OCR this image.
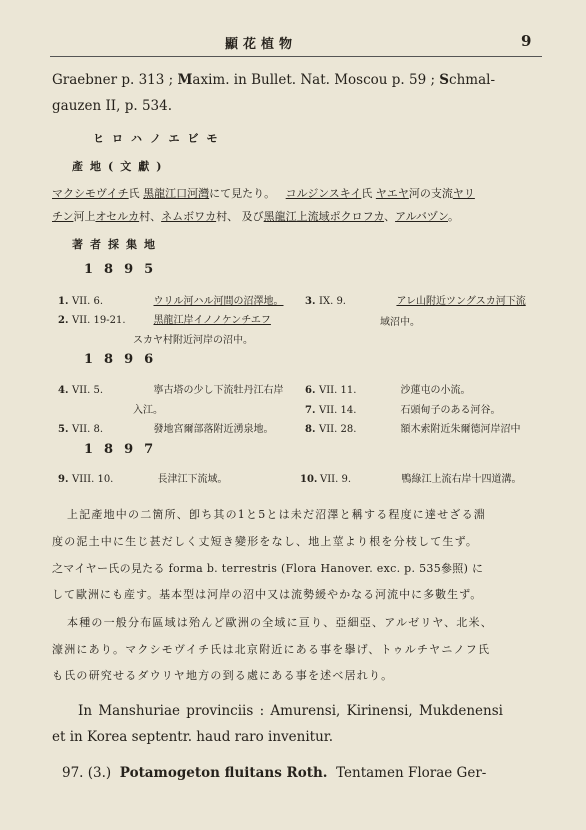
顯花植物	9
Graebner p. 313 ; Maxim. in Bullet. Nat. Moscou p. 59 ; Schmal-
gauzen II, p. 534.
ヒロハノエビモ
產地(文獻)
マクシモヴイチ氏 黑龍江口河灣にて見たり。 コルジンスキイ氏 ヤエヤ河の支流ヤリ
チン河上オセルカ村、ネムボワカ村、 及び黑龍江上流域ポクロフカ、アルバヅン。
著者採集地
1895
1. VII. 6.	ウリル河ハル河間の沼澤地。 3. IX. 9.	アレ山附近ツングスカ河下流
域沼中。
2. VII. 19-21.	黑龍江岸イノノケンチエフ
スカヤ村附近河岸の沼中。
1896
4. VII. 5.	寧古塔の少し下流牡丹江右岸
入江。
6. VII. 11.	沙蓮屯の小流。
7. VII. 14.	石頭甸子のある河谷。
5. VII. 8.	發地宮爾部落附近湧泉地。	8. VII. 28.	額木索附近朱爾德河岸沼中
1897
9. VIII. 10.	長津江下流域。	10. VII. 9.	鴨綠江上流右岸十四道溝。
上記產地中の二箇所、卽ち其の1と5とは未だ沼澤と稱する程度に達せざる淵
度の泥土中に生じ甚だしく丈短き變形をなし、地上莖より根を分枝して生ず。
之マイヤー氏の見たる forma b. terrestris (Flora Hanover. exc. p. 535參照) に
して歐洲にも産す。基本型は河岸の沼中又は流勢緩やかなる河流中に多數生ず。
本種の一般分布區域は殆んど歐洲の全域に亘り、亞細亞、アルゼリヤ、北米、
濠洲にあり。マクシモヴイチ氏は北京附近にある事を擧げ、トゥルチヤニノフ氏
も氏の研究せるダウリヤ地方の到る處にある事を述べ居れり。
In Manshuriae provinciis : Amurensi, Kirinensi, Mukdenensi
et in Korea septentr. haud raro invenitur.
97. (3.) Potamogeton fluitans Roth. Tentamen Florae Ger-
